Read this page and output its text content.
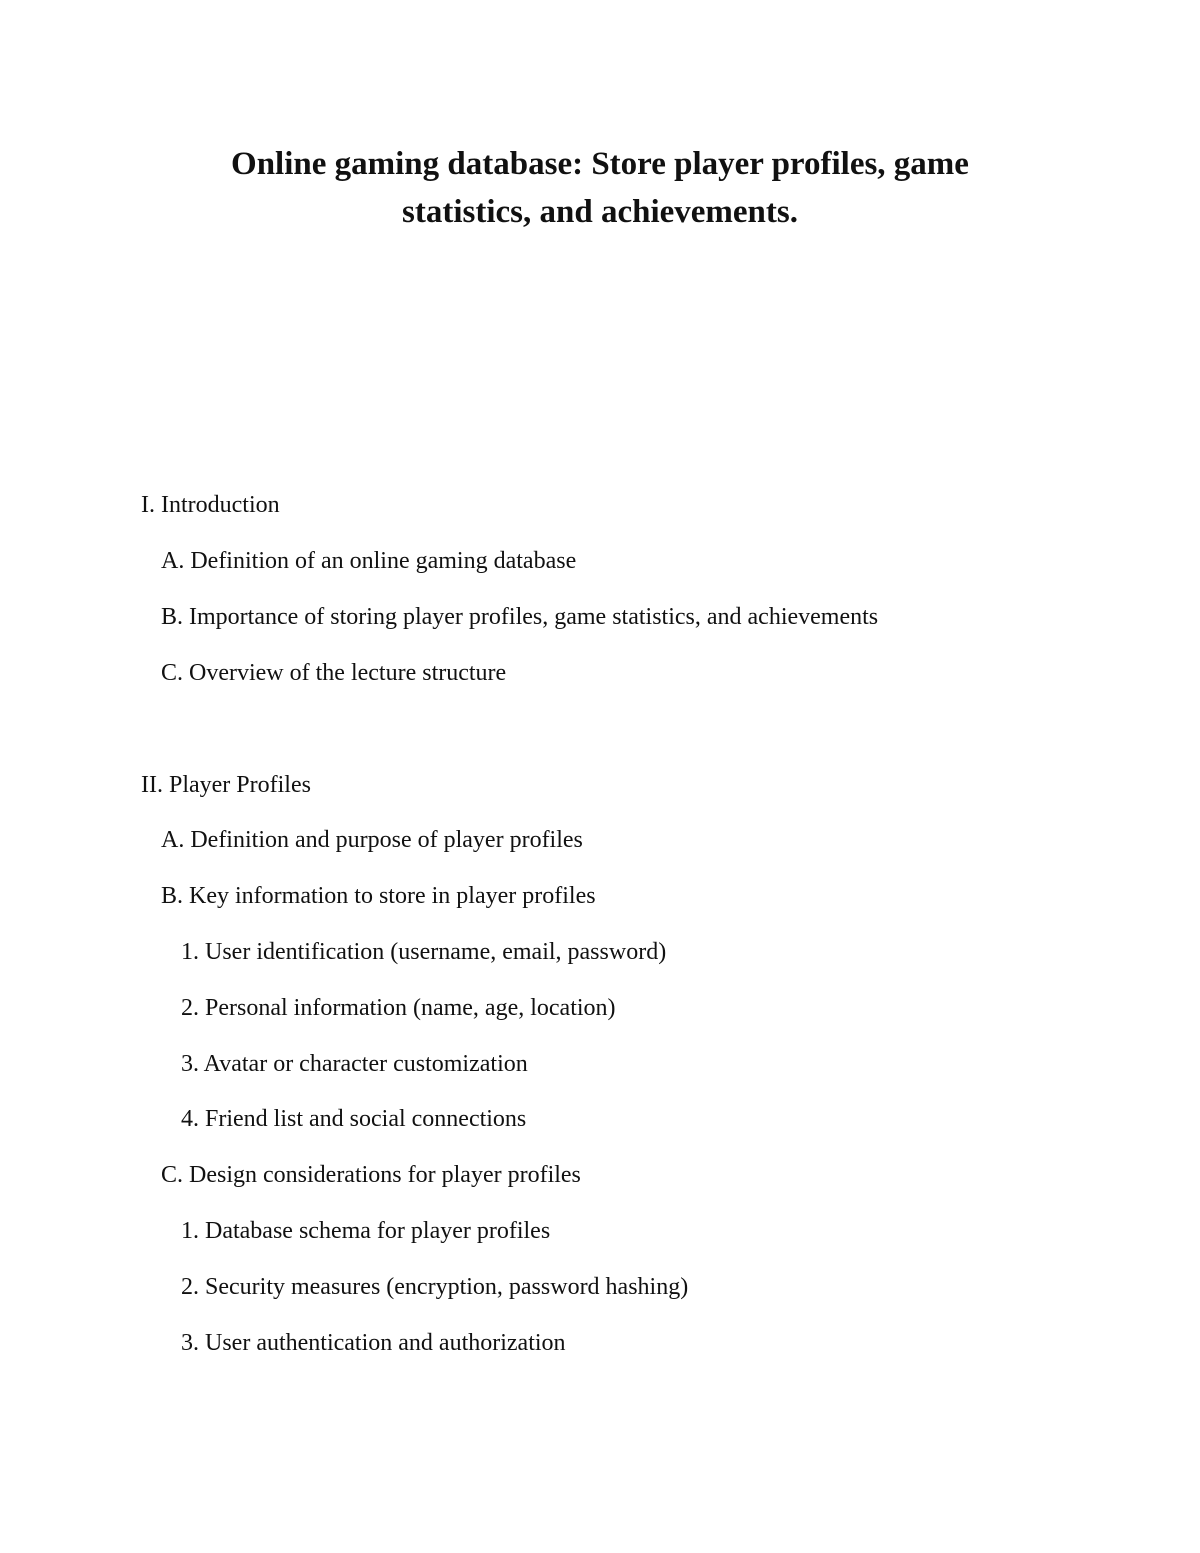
Online gaming database: Store player profiles, game
statistics, and achievements.

I. Introduction

A. Definition of an online gaming database

B. Importance of storing player profiles, game statistics, and achievements

C. Overview of the lecture structure

II. Player Profiles

A. Definition and purpose of player profiles

B. Key information to store in player profiles

1. User identification (username, email, password)

2. Personal information (name, age, location)

3. Avatar or character customization

4. Friend list and social connections

C. Design considerations for player profiles

1. Database schema for player profiles

2. Security measures (encryption, password hashing)

3. User authentication and authorization
